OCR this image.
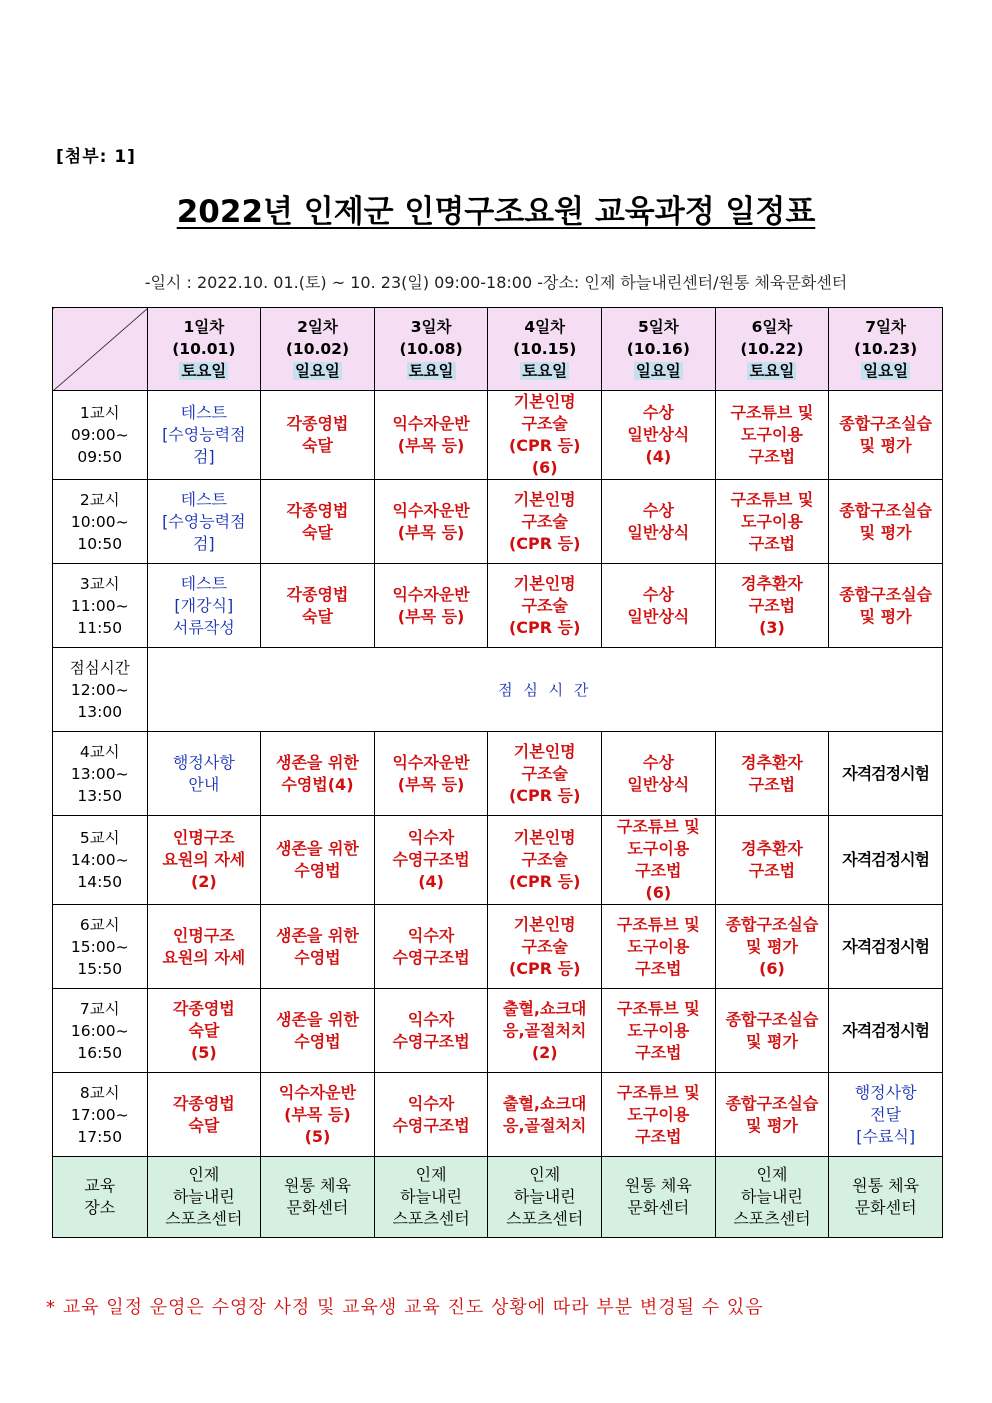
[첨부: 1]
2022년 인제군 인명구조요원 교육과정 일정표
-일시 : 2022.10. 01.(토) ~ 10. 23(일) 09:00-18:00 -장소: 인제 하늘내린센터/원통 체육문화센터
	1일차
(10.01)
토요일	2일차
(10.02)
일요일	3일차
(10.08)
토요일	4일차
(10.15)
토요일	5일차
(10.16)
일요일	6일차
(10.22)
토요일	7일차
(10.23)
일요일
1교시
09:00~
09:50	테스트
[수영능력점
검]	각종영법
숙달	익수자운반
(부목 등)	기본인명
구조술
(CPR 등)
(6)	수상
일반상식
(4)	구조튜브 및
도구이용
구조법	종합구조실습
및 평가
2교시
10:00~
10:50	테스트
[수영능력점
검]	각종영법
숙달	익수자운반
(부목 등)	기본인명
구조술
(CPR 등)	수상
일반상식	구조튜브 및
도구이용
구조법	종합구조실습
및 평가
3교시
11:00~
11:50	테스트
[개강식]
서류작성	각종영법
숙달	익수자운반
(부목 등)	기본인명
구조술
(CPR 등)	수상
일반상식	경추환자
구조법
(3)	종합구조실습
및 평가
점심시간
12:00~
13:00	점 심 시 간						
4교시
13:00~
13:50	행정사항
안내	생존을 위한
수영법(4)	익수자운반
(부목 등)	기본인명
구조술
(CPR 등)	수상
일반상식	경추환자
구조법	자격검정시험
5교시
14:00~
14:50	인명구조
요원의 자세
(2)	생존을 위한
수영법	익수자
수영구조법
(4)	기본인명
구조술
(CPR 등)	구조튜브 및
도구이용
구조법
(6)	경추환자
구조법	자격검정시험
6교시
15:00~
15:50	인명구조
요원의 자세	생존을 위한
수영법	익수자
수영구조법	기본인명
구조술
(CPR 등)	구조튜브 및
도구이용
구조법	종합구조실습
및 평가
(6)	자격검정시험
7교시
16:00~
16:50	각종영법
숙달
(5)	생존을 위한
수영법	익수자
수영구조법	출혈,쇼크대
응,골절처치
(2)	구조튜브 및
도구이용
구조법	종합구조실습
및 평가	자격검정시험
8교시
17:00~
17:50	각종영법
숙달	익수자운반
(부목 등)
(5)	익수자
수영구조법	출혈,쇼크대
응,골절처치	구조튜브 및
도구이용
구조법	종합구조실습
및 평가	행정사항
전달
[수료식]
교육
장소	인제
하늘내린
스포츠센터	원통 체육
문화센터	인제
하늘내린
스포츠센터	인제
하늘내린
스포츠센터	원통 체육
문화센터	인제
하늘내린
스포츠센터	원통 체육
문화센터
* 교육 일정 운영은 수영장 사정 및 교육생 교육 진도 상황에 따라 부분 변경될 수 있음
